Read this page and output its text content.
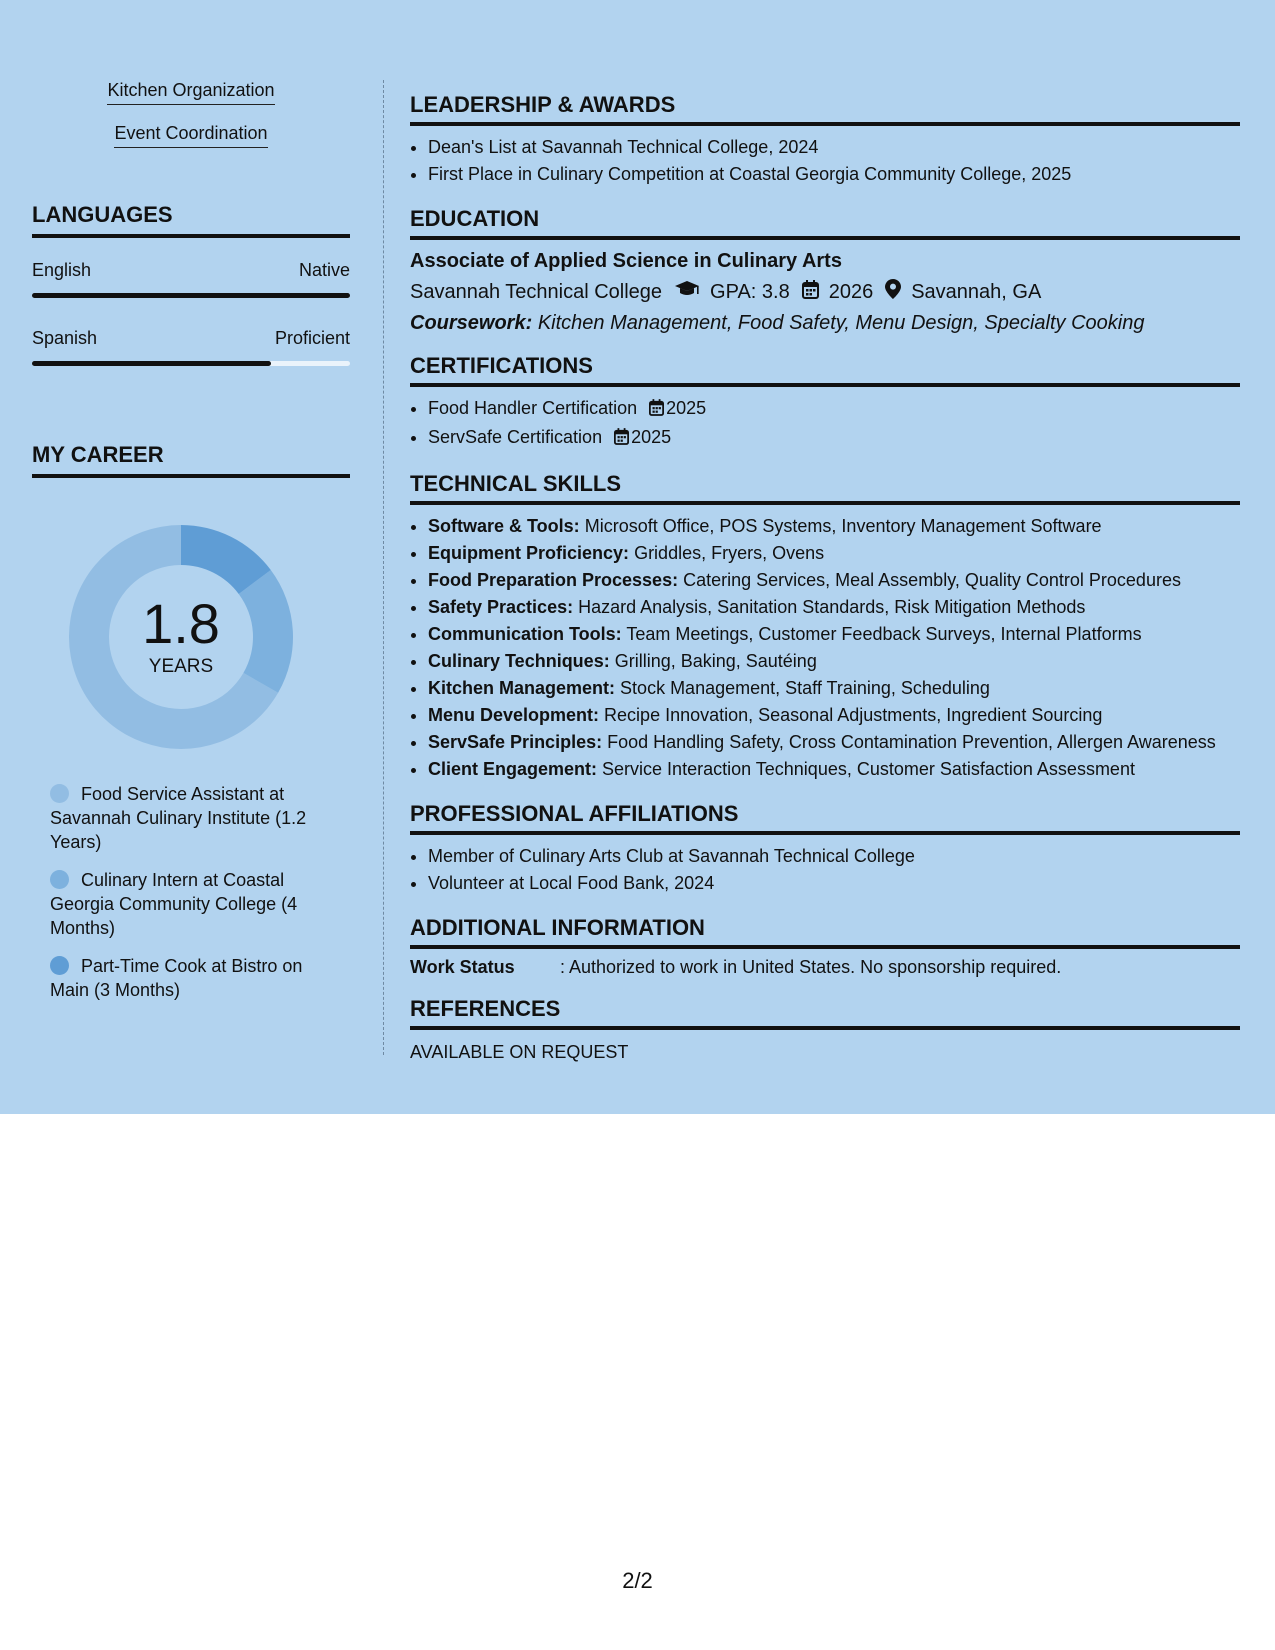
Kitchen Organization
Event Coordination
LANGUAGES
English	Native
Spanish	Proficient
MY CAREER
1.8
YEARS
Food Service Assistant at Savannah Culinary Institute (1.2 Years)
Culinary Intern at Coastal Georgia Community College (4 Months)
Part-Time Cook at Bistro on Main (3 Months)
LEADERSHIP & AWARDS
• Dean's List at Savannah Technical College, 2024
• First Place in Culinary Competition at Coastal Georgia Community College, 2025
EDUCATION
Associate of Applied Science in Culinary Arts
Savannah Technical College GPA: 3.8 2026 Savannah, GA
Coursework: Kitchen Management, Food Safety, Menu Design, Specialty Cooking
CERTIFICATIONS
• Food Handler Certification 2025
• ServSafe Certification 2025
TECHNICAL SKILLS
• Software & Tools: Microsoft Office, POS Systems, Inventory Management Software
• Equipment Proficiency: Griddles, Fryers, Ovens
• Food Preparation Processes: Catering Services, Meal Assembly, Quality Control Procedures
• Safety Practices: Hazard Analysis, Sanitation Standards, Risk Mitigation Methods
• Communication Tools: Team Meetings, Customer Feedback Surveys, Internal Platforms
• Culinary Techniques: Grilling, Baking, Sautéing
• Kitchen Management: Stock Management, Staff Training, Scheduling
• Menu Development: Recipe Innovation, Seasonal Adjustments, Ingredient Sourcing
• ServSafe Principles: Food Handling Safety, Cross Contamination Prevention, Allergen Awareness
• Client Engagement: Service Interaction Techniques, Customer Satisfaction Assessment
PROFESSIONAL AFFILIATIONS
• Member of Culinary Arts Club at Savannah Technical College
• Volunteer at Local Food Bank, 2024
ADDITIONAL INFORMATION
Work Status	: Authorized to work in United States. No sponsorship required.
REFERENCES
AVAILABLE ON REQUEST
2/2
